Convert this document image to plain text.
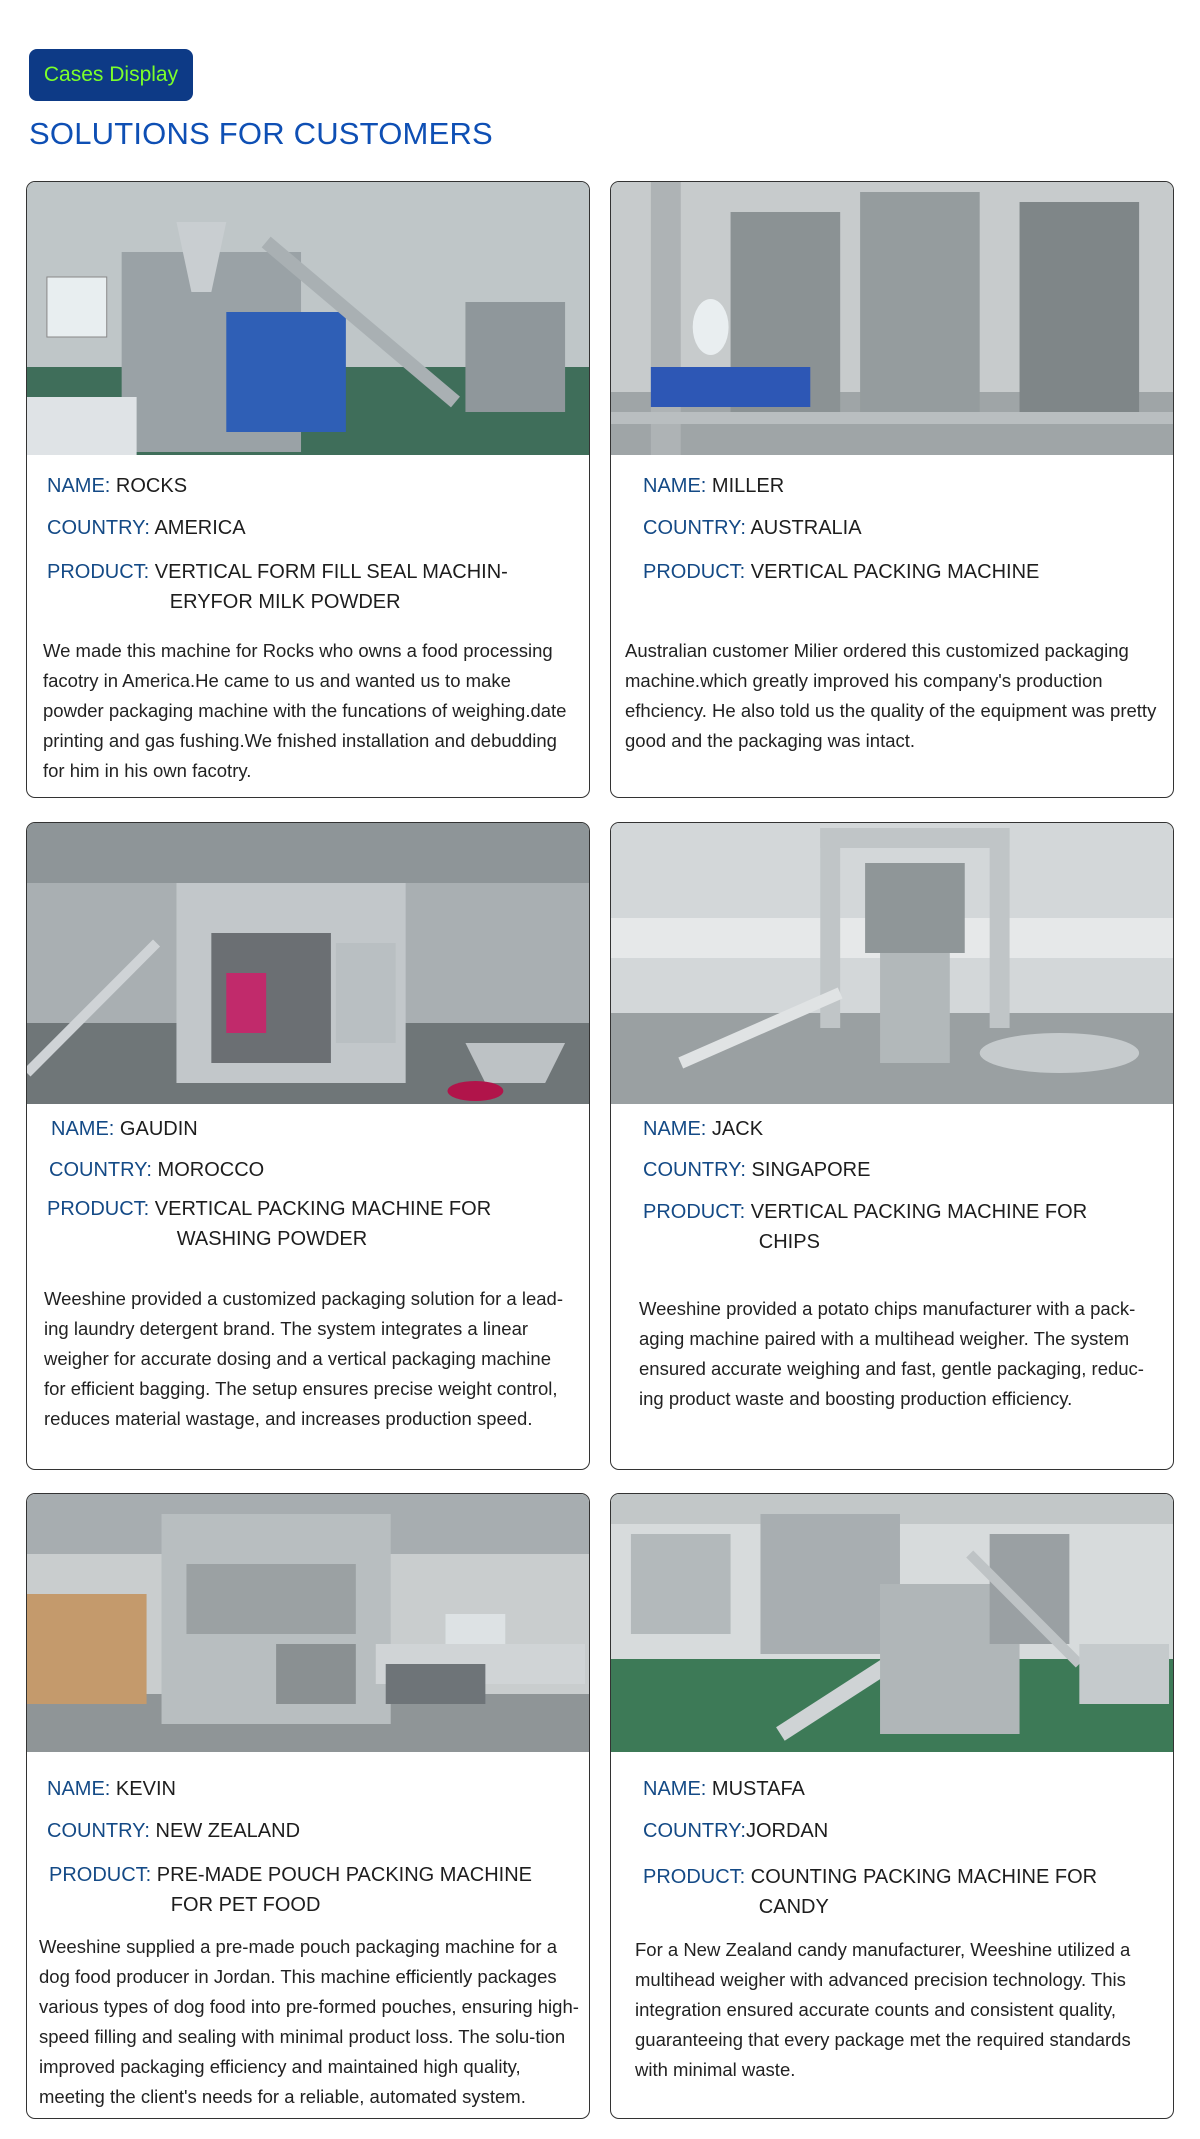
Cases Display
SOLUTIONS FOR CUSTOMERS
NAME: ROCKS
COUNTRY: AMERICA
PRODUCT: VERTICAL FORM FILL SEAL MACHIN-
ERYFOR MILK POWDER

We made this machine for Rocks who owns a food processing facotry in America.He came to us and wanted us to make powder packaging machine with the funcations of weighing.date printing and gas fushing.We fnished installation and debudding for him in his own facotry.

NAME: MILLER
COUNTRY: AUSTRALIA
PRODUCT: VERTICAL PACKING MACHINE

Australian customer Milier ordered this customized packaging machine.which greatly improved his company's production efhciency. He also told us the quality of the equipment was pretty good and the packaging was intact.

NAME: GAUDIN
COUNTRY: MOROCCO
PRODUCT: VERTICAL PACKING MACHINE FOR
WASHING POWDER

Weeshine provided a customized packaging solution for a lead-ing laundry detergent brand. The system integrates a linear weigher for accurate dosing and a vertical packaging machine for efficient bagging. The setup ensures precise weight control, reduces material wastage, and increases production speed.

NAME: JACK
COUNTRY: SINGAPORE
PRODUCT: VERTICAL PACKING MACHINE FOR
CHIPS

Weeshine provided a potato chips manufacturer with a pack-aging machine paired with a multihead weigher. The system ensured accurate weighing and fast, gentle packaging, reduc-ing product waste and boosting production efficiency.

NAME: KEVIN
COUNTRY: NEW ZEALAND
PRODUCT: PRE-MADE POUCH PACKING MACHINE
FOR PET FOOD

Weeshine supplied a pre-made pouch packaging machine for a dog food producer in Jordan. This machine efficiently packages various types of dog food into pre-formed pouches, ensuring high-speed filling and sealing with minimal product loss. The solu-tion improved packaging efficiency and maintained high quality, meeting the client's needs for a reliable, automated system.

NAME: MUSTAFA
COUNTRY:JORDAN
PRODUCT: COUNTING PACKING MACHINE FOR
CANDY

For a New Zealand candy manufacturer, Weeshine utilized a multihead weigher with advanced precision technology. This integration ensured accurate counts and consistent quality, guaranteeing that every package met the required standards with minimal waste.
